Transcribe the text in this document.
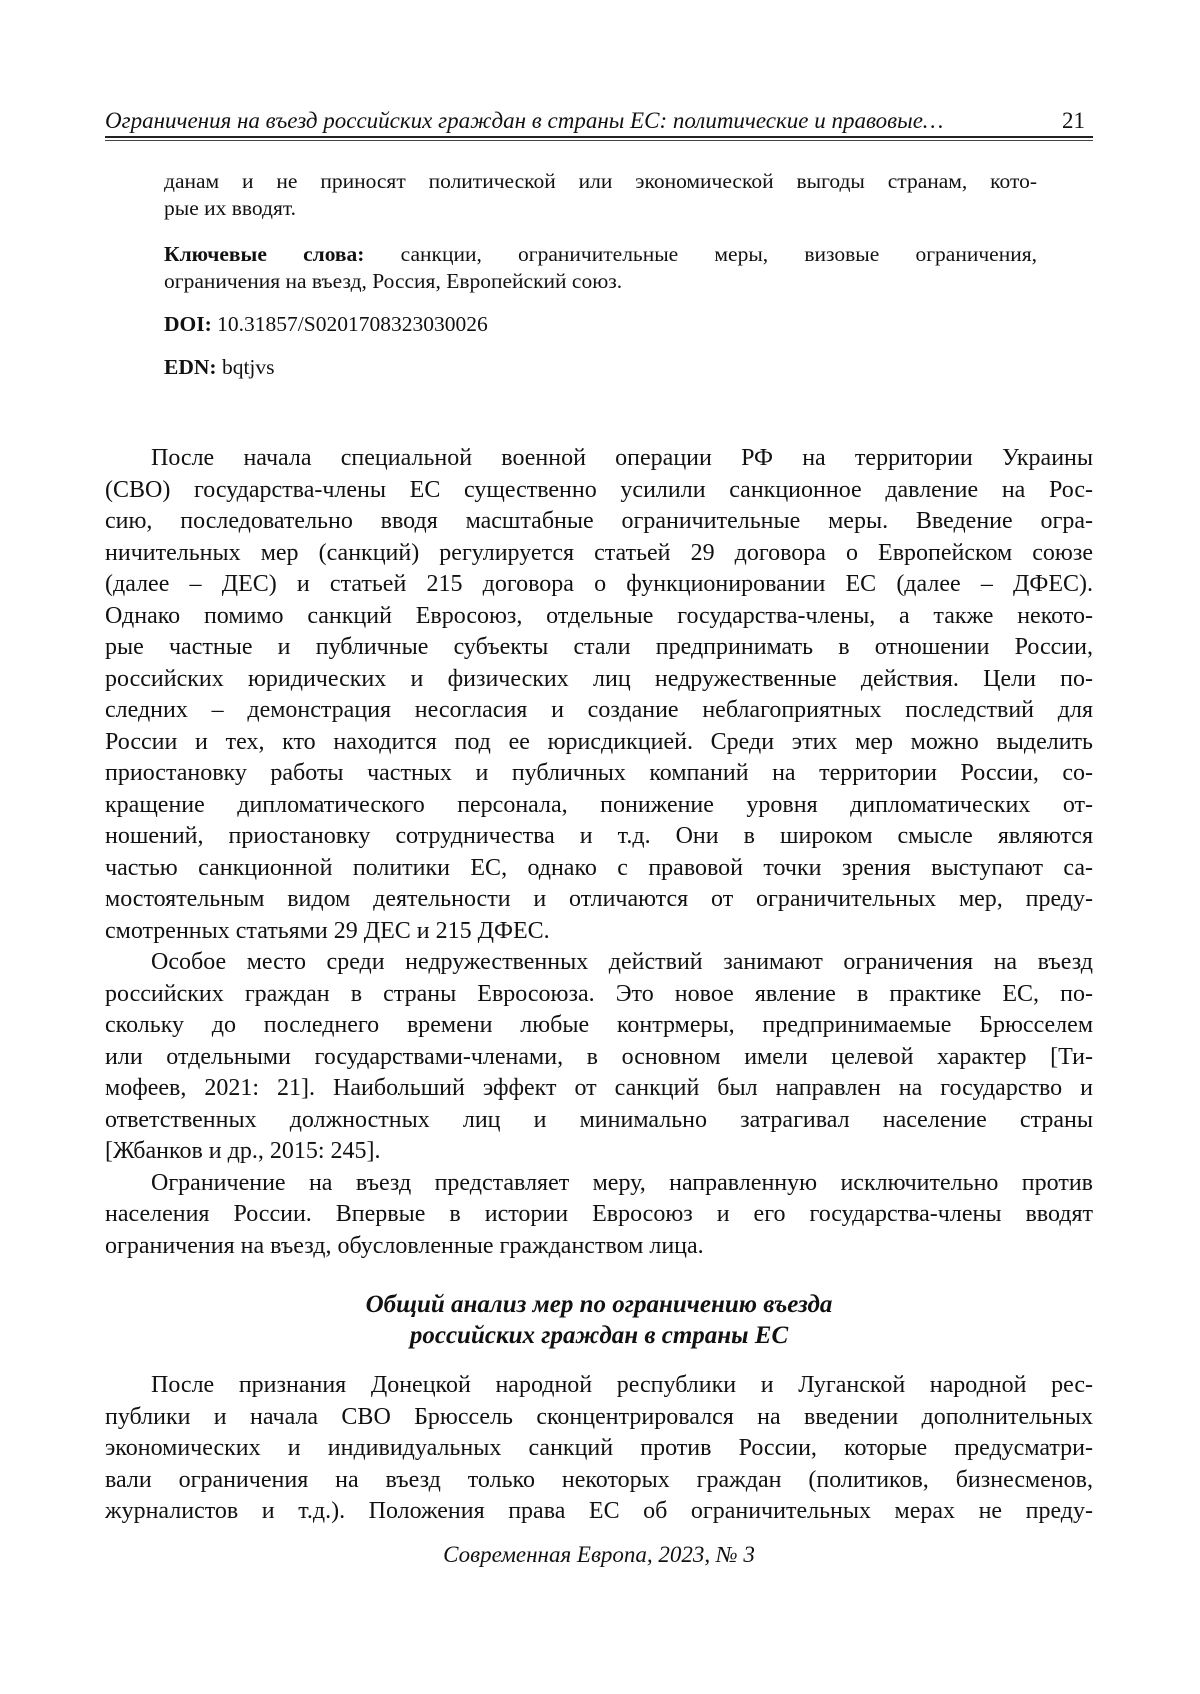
Ограничения на въезд российских граждан в страны ЕС: политические и правовые…	21
данам и не приносят политической или экономической выгоды странам, кото-
рые их вводят.
Ключевые слова: санкции, ограничительные меры, визовые ограничения,
ограничения на въезд, Россия, Европейский союз.
DOI: 10.31857/S0201708323030026
EDN: bqtjvs
После начала специальной военной операции РФ на территории Украины
(СВО) государства-члены ЕС существенно усилили санкционное давление на Рос-
сию, последовательно вводя масштабные ограничительные меры. Введение огра-
ничительных мер (санкций) регулируется статьей 29 договора о Европейском союзе
(далее – ДЕС) и статьей 215 договора о функционировании ЕС (далее – ДФЕС).
Однако помимо санкций Евросоюз, отдельные государства-члены, а также некото-
рые частные и публичные субъекты стали предпринимать в отношении России,
российских юридических и физических лиц недружественные действия. Цели по-
следних – демонстрация несогласия и создание неблагоприятных последствий для
России и тех, кто находится под ее юрисдикцией. Среди этих мер можно выделить
приостановку работы частных и публичных компаний на территории России, со-
кращение дипломатического персонала, понижение уровня дипломатических от-
ношений, приостановку сотрудничества и т.д. Они в широком смысле являются
частью санкционной политики ЕС, однако с правовой точки зрения выступают са-
мостоятельным видом деятельности и отличаются от ограничительных мер, преду-
смотренных статьями 29 ДЕС и 215 ДФЕС.
Особое место среди недружественных действий занимают ограничения на въезд
российских граждан в страны Евросоюза. Это новое явление в практике ЕС, по-
скольку до последнего времени любые контрмеры, предпринимаемые Брюсселем
или отдельными государствами-членами, в основном имели целевой характер [Ти-
мофеев, 2021: 21]. Наибольший эффект от санкций был направлен на государство и
ответственных должностных лиц и минимально затрагивал население страны
[Жбанков и др., 2015: 245].
Ограничение на въезд представляет меру, направленную исключительно против
населения России. Впервые в истории Евросоюз и его государства-члены вводят
ограничения на въезд, обусловленные гражданством лица.
Общий анализ мер по ограничению въезда
российских граждан в страны ЕС
После признания Донецкой народной республики и Луганской народной рес-
публики и начала СВО Брюссель сконцентрировался на введении дополнительных
экономических и индивидуальных санкций против России, которые предусматри-
вали ограничения на въезд только некоторых граждан (политиков, бизнесменов,
журналистов и т.д.). Положения права ЕС об ограничительных мерах не преду-
Современная Европа, 2023, № 3
